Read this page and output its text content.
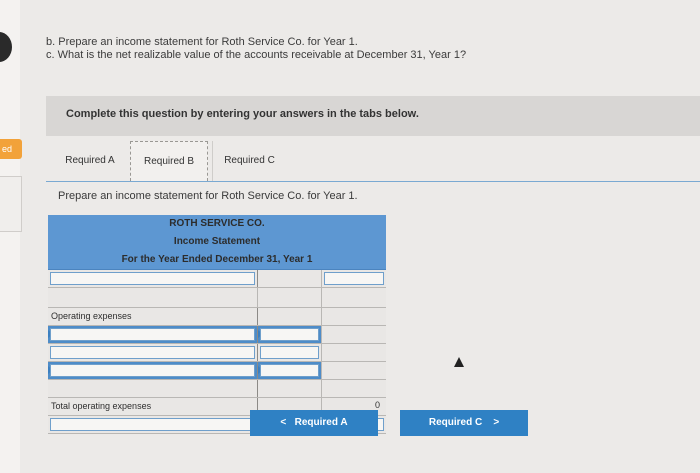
ed
b. Prepare an income statement for Roth Service Co. for Year 1.
c. What is the net realizable value of the accounts receivable at December 31, Year 1?
Complete this question by entering your answers in the tabs below.
Required A	Required B	Required C
Prepare an income statement for Roth Service Co. for Year 1.
ROTH SERVICE CO.
Income Statement
For the Year Ended December 31, Year 1
Operating expenses
Total operating expenses	0
< Required A	Required C >
